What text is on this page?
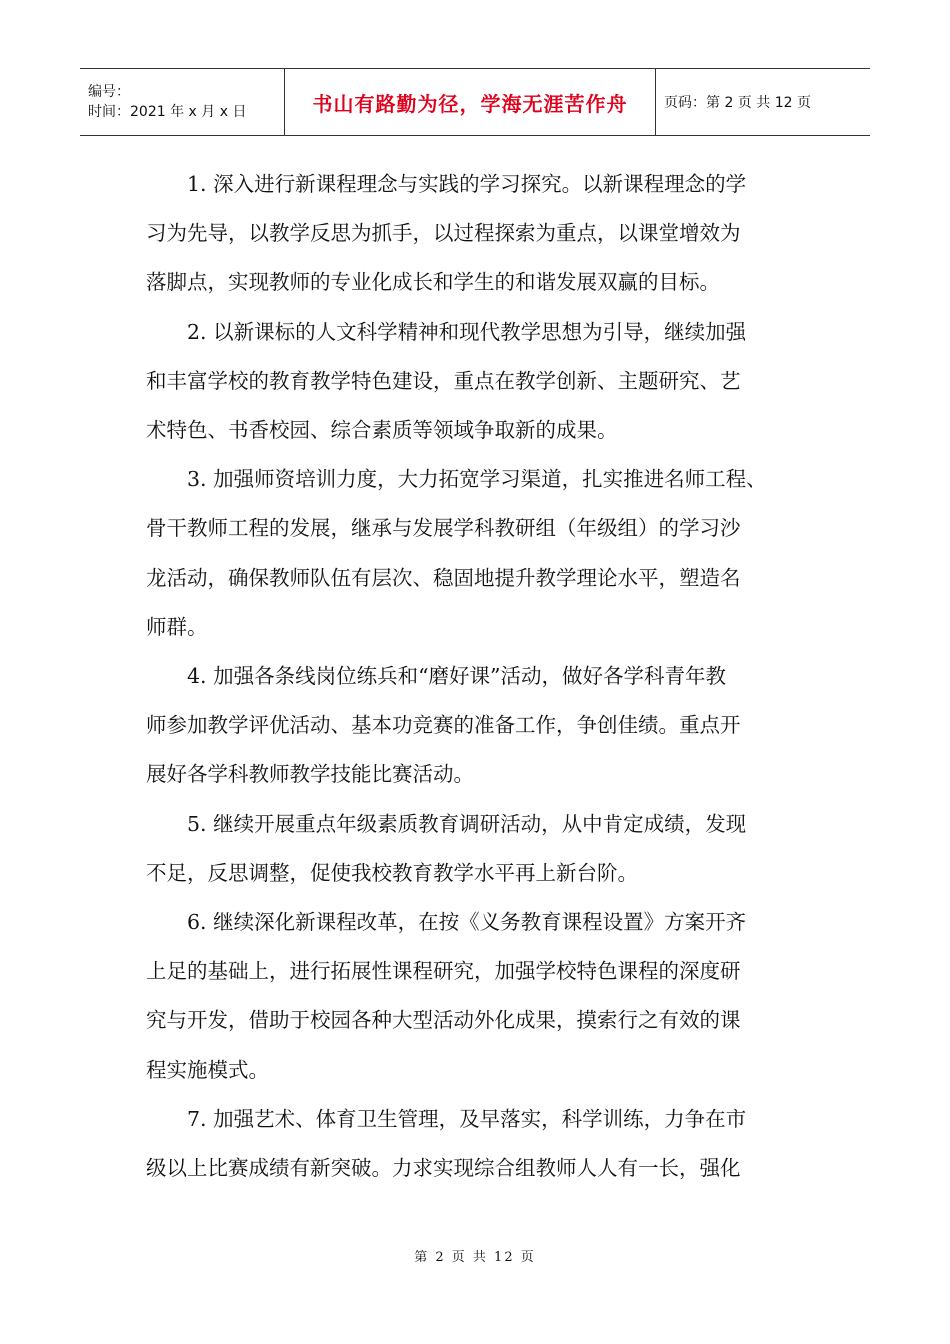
编号：
时间：2021 年 x 月 x 日	书山有路勤为径，学海无涯苦作舟	页码：第 2 页 共 12 页

1. 深入进行新课程理念与实践的学习探究。以新课程理念的学

习为先导，以教学反思为抓手，以过程探索为重点，以课堂增效为

落脚点，实现教师的专业化成长和学生的和谐发展双赢的目标。

2. 以新课标的人文科学精神和现代教学思想为引导，继续加强

和丰富学校的教育教学特色建设，重点在教学创新、主题研究、艺

术特色、书香校园、综合素质等领域争取新的成果。

3. 加强师资培训力度，大力拓宽学习渠道，扎实推进名师工程、

骨干教师工程的发展，继承与发展学科教研组（年级组）的学习沙

龙活动，确保教师队伍有层次、稳固地提升教学理论水平，塑造名

师群。

4. 加强各条线岗位练兵和“磨好课”活动，做好各学科青年教

师参加教学评优活动、基本功竞赛的准备工作，争创佳绩。重点开

展好各学科教师教学技能比赛活动。

5. 继续开展重点年级素质教育调研活动，从中肯定成绩，发现

不足，反思调整，促使我校教育教学水平再上新台阶。

6. 继续深化新课程改革，在按《义务教育课程设置》方案开齐

上足的基础上，进行拓展性课程研究，加强学校特色课程的深度研

究与开发，借助于校园各种大型活动外化成果，摸索行之有效的课

程实施模式。

7. 加强艺术、体育卫生管理，及早落实，科学训练，力争在市

级以上比赛成绩有新突破。力求实现综合组教师人人有一长，强化

第 2 页 共 12 页
